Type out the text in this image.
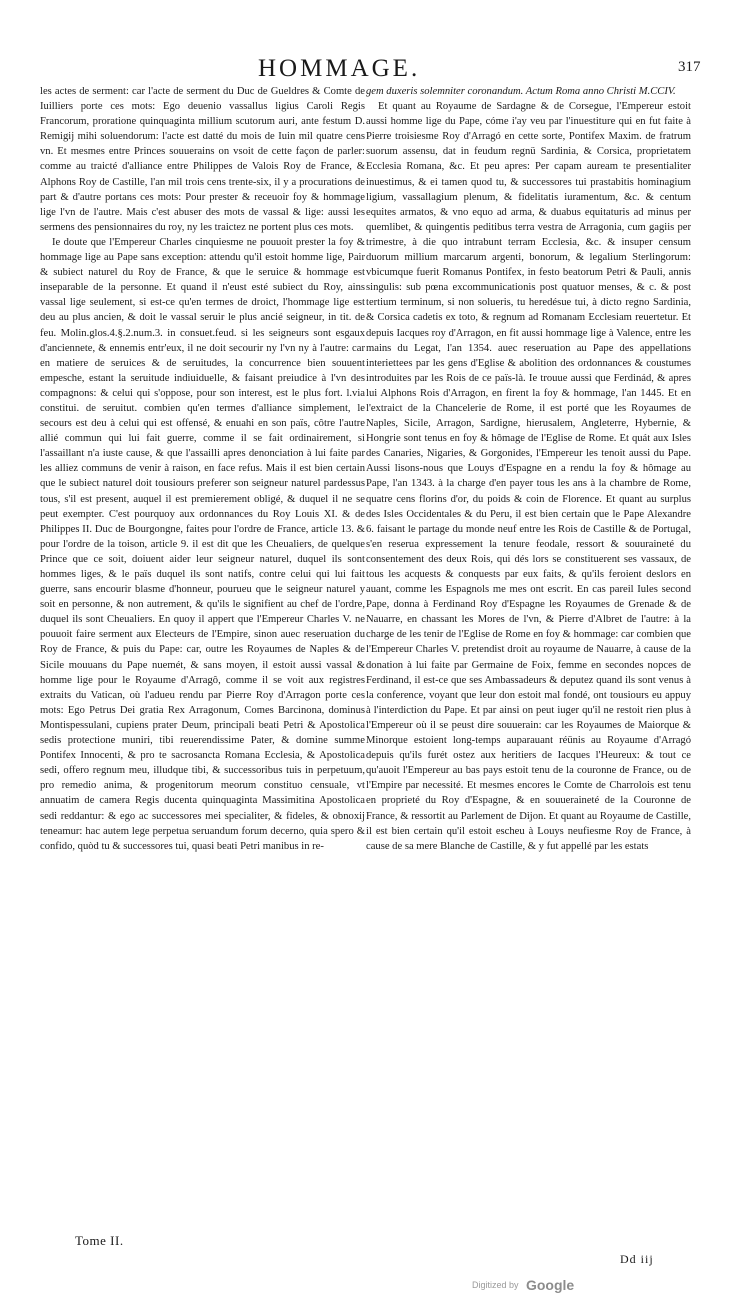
HOMMAGE.	317

les actes de serment: car l'acte de serment du Duc de Gueldres & Comte de Iuilliers porte ces mots: Ego deuenio vassallus ligius Caroli Regis Francorum, proratione quinquaginta millium scutorum auri, ante festum D. Remigij mihi soluendorum: l'acte est datté du mois de Iuin mil quatre cens vn. Et mesmes entre Princes souuerains on vsoit de cette façon de parler: comme au traicté d'alliance entre Philippes de Valois Roy de France, & Alphons Roy de Castille, l'an mil trois cens trente-six, il y a procurations de part & d'autre portans ces mots: Pour prester & receuoir foy & hommage lige l'vn de l'autre. Mais c'est abuser des mots de vassal & lige: aussi les sermens des pensionnaires du roy, ny les traictez ne portent plus ces mots.

Ie doute que l'Empereur Charles cinquiesme ne pouuoit prester la foy & hommage lige au Pape sans exception: attendu qu'il estoit homme lige, Pair & subiect naturel du Roy de France, & que le seruice & hommage est inseparable de la personne. Et quand il n'eust esté subiect du Roy, ains vassal lige seulement, si est-ce qu'en termes de droict, l'hommage lige est deu au plus ancien, & doit le vassal seruir le plus ancié seigneur, in tit. de feu. Molin.glos.4.§.2.num.3. in consuet.feud. si les seigneurs sont esgaux d'anciennete, & ennemis entr'eux, il ne doit secourir ny l'vn ny à l'autre: car en matiere de seruices & de seruitudes, la concurrence bien souuent empesche, estant la seruitude indiuiduelle, & faisant preiudice à l'vn des compagnons: & celui qui s'oppose, pour son interest, est le plus fort. l.via constitui. de seruitut. combien qu'en termes d'alliance simplement, le secours est deu à celui qui est offensé, & enuahi en son païs, côtre l'autre allié commun qui lui fait guerre, comme il se fait ordinairement, si l'assaillant n'a iuste cause, & que l'assailli apres denonciation à lui faite par les alliez communs de venir à raison, en face refus. Mais il est bien certain que le subiect naturel doit tousiours preferer son seigneur naturel pardessus tous, s'il est present, auquel il est premierement obligé, & duquel il ne se peut exempter. C'est pourquoy aux ordonnances du Roy Louis XI. & de Philippes II. Duc de Bourgongne, faites pour l'ordre de France, article 13. & pour l'ordre de la toison, article 9. il est dit que les Cheualiers, de quelque Prince que ce soit, doiuent aider leur seigneur naturel, duquel ils sont hommes liges, & le païs duquel ils sont natifs, contre celui qui lui fait guerre, sans encourir blasme d'honneur, pourueu que le seigneur naturel y soit en personne, & non autrement, & qu'ils le signifient au chef de l'ordre, duquel ils sont Cheualiers. En quoy il appert que l'Empereur Charles V. ne pouuoit faire serment aux Electeurs de l'Empire, sinon auec reseruation du Roy de France, & puis du Pape: car, outre les Royaumes de Naples & de Sicile mouuans du Pape nuemét, & sans moyen, il estoit aussi vassal & homme lige pour le Royaume d'Arragô, comme il se voit aux registres extraits du Vatican, où l'adueu rendu par Pierre Roy d'Arragon porte ces mots: Ego Petrus Dei gratia Rex Arragonum, Comes Barcinona, dominus Montispessulani, cupiens prater Deum, principali beati Petri & Apostolica sedis protectione muniri, tibi reuerendissime Pater, & domine summe Pontifex Innocenti, & pro te sacrosancta Romana Ecclesia, & Apostolica sedi, offero regnum meu, illudque tibi, & successoribus tuis in perpetuum, pro remedio anima, & progenitorum meorum constituo censuale, vt annuatim de camera Regis ducenta quinquaginta Massimitina Apostolica sedi reddantur: & ego ac successores mei specialiter, & fideles, & obnoxij teneamur: hac autem lege perpetua seruandum forum decerno, quia spero & confido, quòd tu & successores tui, quasi beati Petri manibus in re-

gem duxeris solemniter coronandum. Actum Roma anno Christi M.CCIV.

Et quant au Royaume de Sardagne & de Corsegue, l'Empereur estoit aussi homme lige du Pape, cóme i'ay veu par l'inuestiture qui en fut faite à Pierre troisiesme Roy d'Arragó en cette sorte, Pontifex Maxim. de fratrum suorum assensu, dat in feudum regnü Sardinia, & Corsica, proprietatem Ecclesia Romana, &c. Et peu apres: Per capam auream te presentialiter inuestimus, & ei tamen quod tu, & successores tui prastabitis hominagium ligium, vassallagium plenum, & fidelitatis iuramentum, &c. & centum equites armatos, & vno equo ad arma, & duabus equitaturis ad minus per quemlibet, & quingentis peditibus terra vestra de Arragonia, cum gagiis per trimestre, à die quo intrabunt terram Ecclesia, &c. & insuper censum duorum millium marcarum argenti, bonorum, & legalium Sterlingorum: vbicumque fuerit Romanus Pontifex, in festo beatorum Petri & Pauli, annis singulis: sub pœna excommunicationis post quatuor menses, & c. & post tertium terminum, si non solueris, tu heredésue tui, à dicto regno Sardinia, & Corsica cadetis ex toto, & regnum ad Romanam Ecclesiam reuertetur. Et depuis Iacques roy d'Arragon, en fit aussi hommage lige à Valence, entre les mains du Legat, l'an 1354. auec reseruation au Pape des appellations interiettees par les gens d'Eglise & abolition des ordonnances & coustumes introduites par les Rois de ce païs-là. Ie trouue aussi que Ferdinád, & apres lui Alphons Rois d'Arragon, en firent la foy & hommage, l'an 1445. Et en l'extraict de la Chancelerie de Rome, il est porté que les Royaumes de Naples, Sicile, Arragon, Sardigne, hierusalem, Angleterre, Hybernie, & Hongrie sont tenus en foy & hômage de l'Eglise de Rome. Et quát aux Isles des Canaries, Nigaries, & Gorgonides, l'Empereur les tenoit aussi du Pape. Aussi lisons-nous que Louys d'Espagne en a rendu la foy & hômage au Pape, l'an 1343. à la charge d'en payer tous les ans à la chambre de Rome, quatre cens florins d'or, du poids & coin de Florence. Et quant au surplus des Isles Occidentales & du Peru, il est bien certain que le Pape Alexandre 6. faisant le partage du monde neuf entre les Rois de Castille & de Portugal, s'en reserua expressement la tenure feodale, ressort & souuraineté du consentement des deux Rois, qui dés lors se constituerent ses vassaux, de tous les acquests & conquests par eux faits, & qu'ils feroient deslors en auant, comme les Espagnols me mes ont escrit. En cas pareil Iules second Pape, donna à Ferdinand Roy d'Espagne les Royaumes de Grenade & de Nauarre, en chassant les Mores de l'vn, & Pierre d'Albret de l'autre: à la charge de les tenir de l'Eglise de Rome en foy & hommage: car combien que l'Empereur Charles V. pretendist droit au royaume de Nauarre, à cause de la donation à lui faite par Germaine de Foix, femme en secondes nopces de Ferdinand, il est-ce que ses Ambassadeurs & deputez quand ils sont venus à la conference, voyant que leur don estoit mal fondé, ont tousiours eu appuy à l'interdiction du Pape. Et par ainsi on peut iuger qu'il ne restoit rien plus à l'Empereur où il se peust dire souuerain: car les Royaumes de Maiorque & Minorque estoient long-temps auparauant réünis au Royaume d'Arragó depuis qu'ils furét ostez aux heritiers de Iacques l'Heureux: & tout ce qu'auoit l'Empereur au bas pays estoit tenu de la couronne de France, ou de l'Empire par necessité. Et mesmes encores le Comte de Charrolois est tenu en proprieté du Roy d'Espagne, & en souueraineté de la Couronne de France, & ressortit au Parlement de Dijon. Et quant au Royaume de Castille, il est bien certain qu'il estoit escheu à Louys neufiesme Roy de France, à cause de sa mere Blanche de Castille, & y fut appellé par les estats

Tome II.
Dd iij
Digitized by Google
